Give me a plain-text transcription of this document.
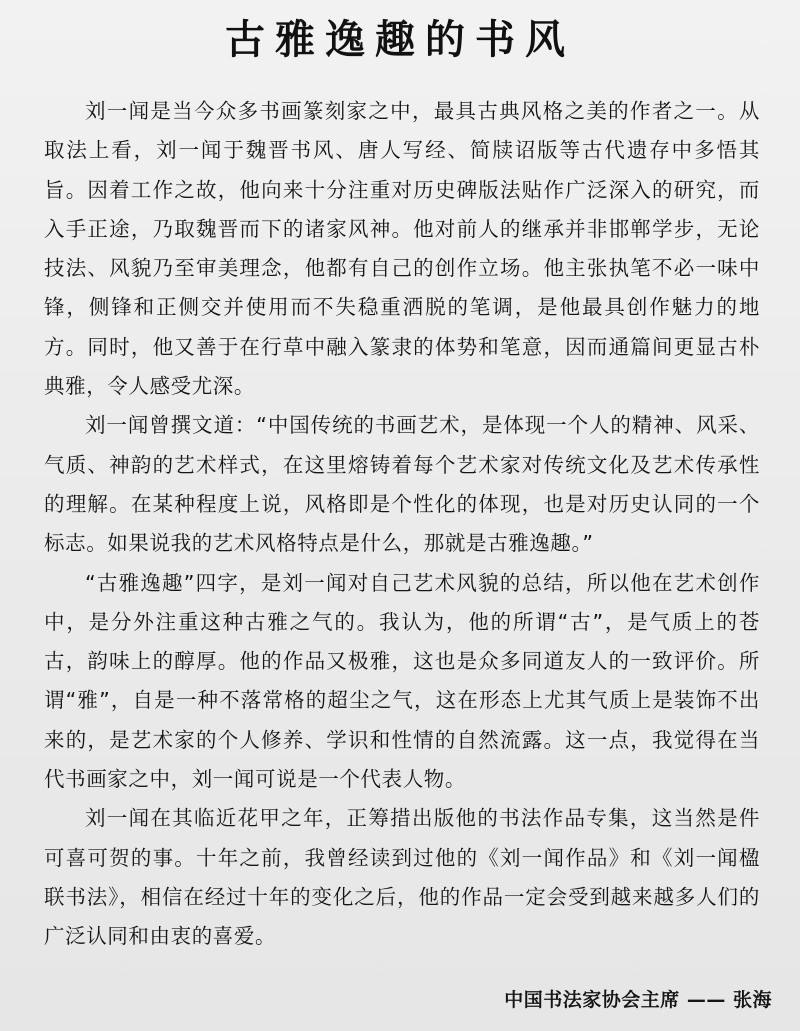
古雅逸趣的书风

刘一闻是当今众多书画篆刻家之中，最具古典风格之美的作者之一。从取法上看，刘一闻于魏晋书风、唐人写经、简牍诏版等古代遗存中多悟其旨。因着工作之故，他向来十分注重对历史碑版法贴作广泛深入的研究，而入手正途，乃取魏晋而下的诸家风神。他对前人的继承并非邯郸学步，无论技法、风貌乃至审美理念，他都有自己的创作立场。他主张执笔不必一味中锋，侧锋和正侧交并使用而不失稳重洒脱的笔调，是他最具创作魅力的地方。同时，他又善于在行草中融入篆隶的体势和笔意，因而通篇间更显古朴典雅，令人感受尤深。

刘一闻曾撰文道：“中国传统的书画艺术，是体现一个人的精神、风采、气质、神韵的艺术样式，在这里熔铸着每个艺术家对传统文化及艺术传承性的理解。在某种程度上说，风格即是个性化的体现，也是对历史认同的一个标志。如果说我的艺术风格特点是什么，那就是古雅逸趣。”

“古雅逸趣”四字，是刘一闻对自己艺术风貌的总结，所以他在艺术创作中，是分外注重这种古雅之气的。我认为，他的所谓“古”，是气质上的苍古，韵味上的醇厚。他的作品又极雅，这也是众多同道友人的一致评价。所谓“雅”，自是一种不落常格的超尘之气，这在形态上尤其气质上是装饰不出来的，是艺术家的个人修养、学识和性情的自然流露。这一点，我觉得在当代书画家之中，刘一闻可说是一个代表人物。

刘一闻在其临近花甲之年，正筹措出版他的书法作品专集，这当然是件可喜可贺的事。十年之前，我曾经读到过他的《刘一闻作品》和《刘一闻楹联书法》，相信在经过十年的变化之后，他的作品一定会受到越来越多人们的广泛认同和由衷的喜爱。

中国书法家协会主席 —— 张海
